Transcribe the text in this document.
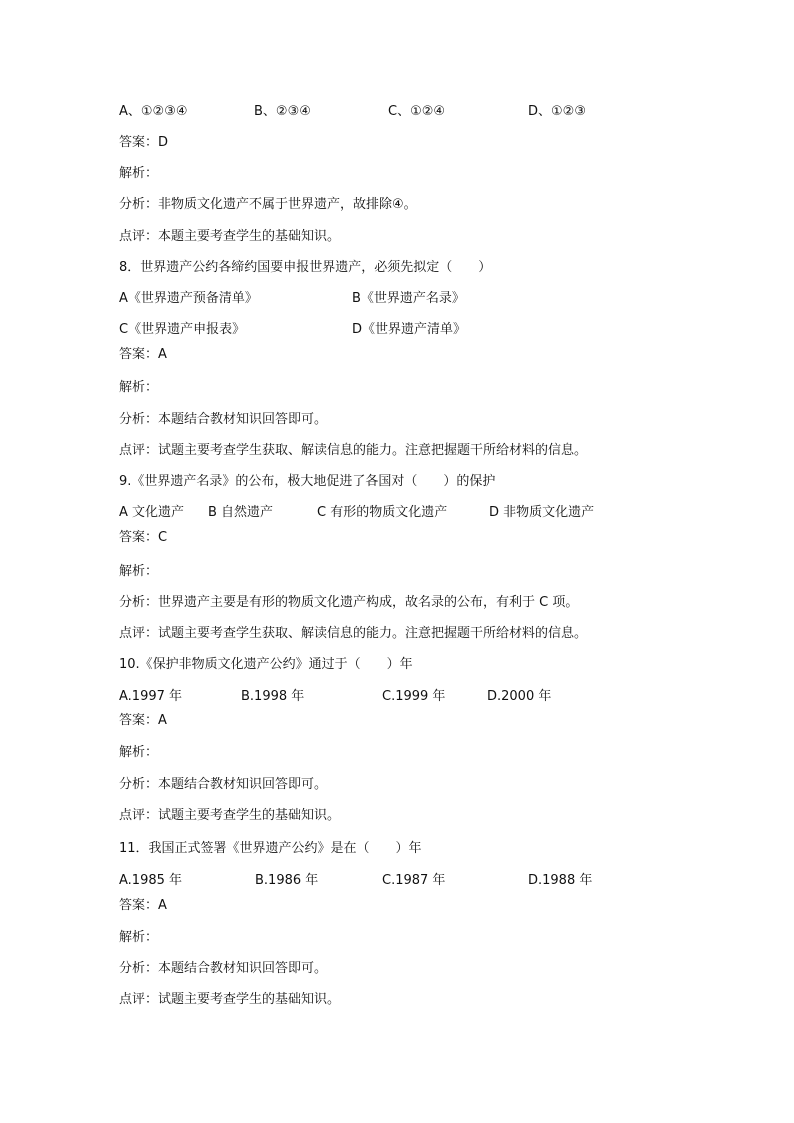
A、①②③④	B、②③④	C、①②④	D、①②③
答案：D
解析：
分析：非物质文化遗产不属于世界遗产，故排除④。
点评：本题主要考查学生的基础知识。
8．世界遗产公约各缔约国要申报世界遗产，必须先拟定（　　）
A《世界遗产预备清单》	B《世界遗产名录》
C《世界遗产申报表》	D《世界遗产清单》
答案：A
解析：
分析：本题结合教材知识回答即可。
点评：试题主要考查学生获取、解读信息的能力。注意把握题干所给材料的信息。
9.《世界遗产名录》的公布，极大地促进了各国对（　　）的保护
A 文化遗产 B 自然遗产	C 有形的物质文化遗产	D 非物质文化遗产
答案：C
解析：
分析：世界遗产主要是有形的物质文化遗产构成，故名录的公布，有利于 C 项。
点评：试题主要考查学生获取、解读信息的能力。注意把握题干所给材料的信息。
10.《保护非物质文化遗产公约》通过于（　　）年
A.1997 年	B.1998 年	C.1999 年	D.2000 年
答案：A
解析：
分析：本题结合教材知识回答即可。
点评：试题主要考查学生的基础知识。
11．我国正式签署《世界遗产公约》是在（　　）年
A.1985 年	B.1986 年	C.1987 年	D.1988 年
答案：A
解析：
分析：本题结合教材知识回答即可。
点评：试题主要考查学生的基础知识。
